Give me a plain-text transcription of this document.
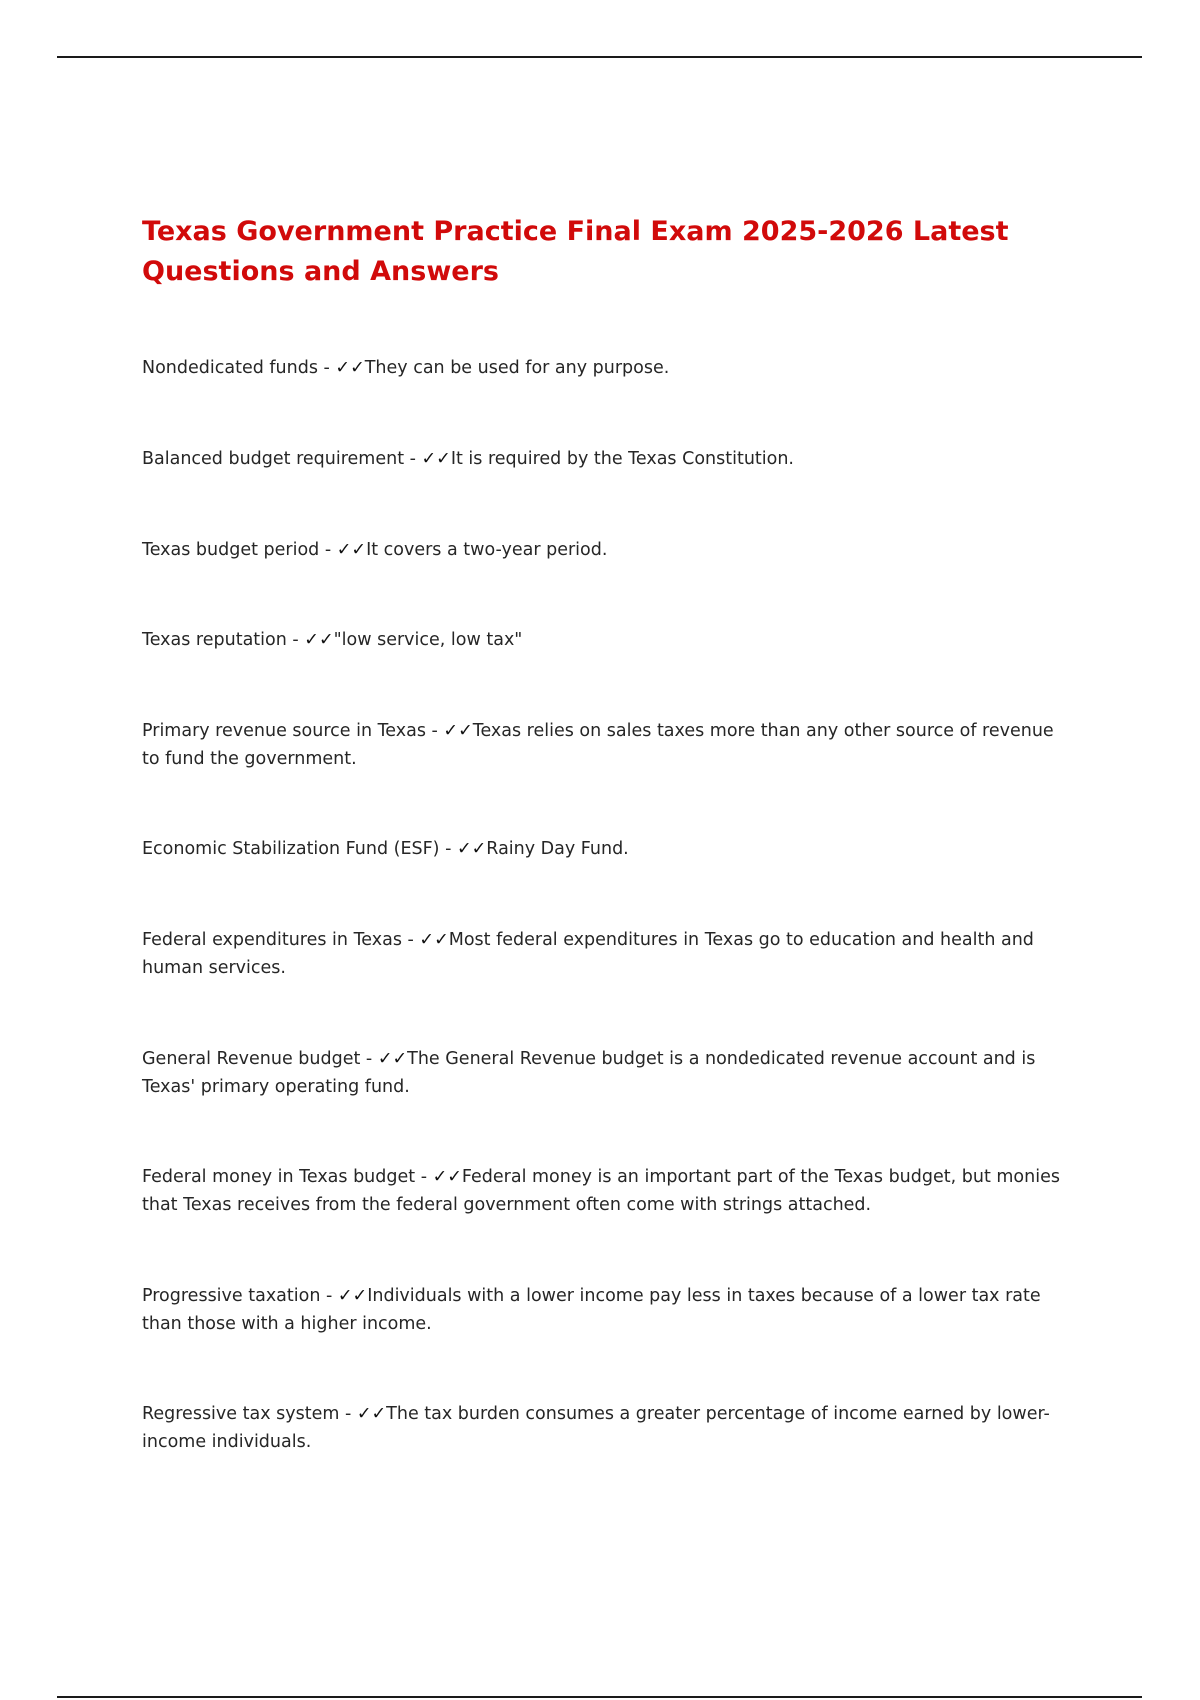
Texas Government Practice Final Exam 2025-2026 Latest Questions and Answers

Nondedicated funds - ✓✓They can be used for any purpose.

Balanced budget requirement - ✓✓It is required by the Texas Constitution.

Texas budget period - ✓✓It covers a two-year period.

Texas reputation - ✓✓"low service, low tax"

Primary revenue source in Texas - ✓✓Texas relies on sales taxes more than any other source of revenue to fund the government.

Economic Stabilization Fund (ESF) - ✓✓Rainy Day Fund.

Federal expenditures in Texas - ✓✓Most federal expenditures in Texas go to education and health and human services.

General Revenue budget - ✓✓The General Revenue budget is a nondedicated revenue account and is Texas' primary operating fund.

Federal money in Texas budget - ✓✓Federal money is an important part of the Texas budget, but monies that Texas receives from the federal government often come with strings attached.

Progressive taxation - ✓✓Individuals with a lower income pay less in taxes because of a lower tax rate than those with a higher income.

Regressive tax system - ✓✓The tax burden consumes a greater percentage of income earned by lower-income individuals.
